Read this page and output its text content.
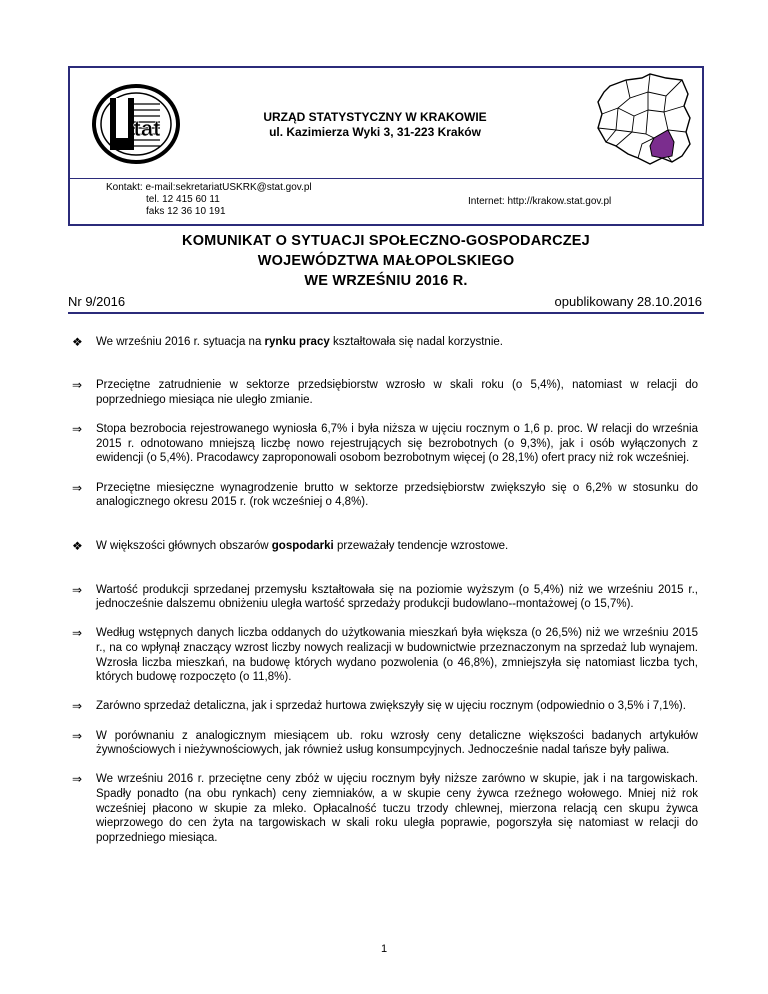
tat	URZĄD STATYSTYCZNY W KRAKOWIE
ul. Kazimierza Wyki 3, 31-223 Kraków
Kontakt: e-mail:sekretariatUSKRK@stat.gov.pl
tel. 12 415 60 11
faks 12 36 10 191
Internet: http://krakow.stat.gov.pl
KOMUNIKAT O SYTUACJI SPOŁECZNO-GOSPODARCZEJ
WOJEWÓDZTWA MAŁOPOLSKIEGO
WE WRZEŚNIU 2016 R.
Nr 9/2016	opublikowany 28.10.2016
❖ We wrześniu 2016 r. sytuacja na rynku pracy kształtowała się nadal korzystnie.
⇒ Przeciętne zatrudnienie w sektorze przedsiębiorstw wzrosło w skali roku (o 5,4%), natomiast w relacji do poprzedniego miesiąca nie uległo zmianie.
⇒ Stopa bezrobocia rejestrowanego wyniosła 6,7% i była niższa w ujęciu rocznym o 1,6 p. proc. W relacji do września 2015 r. odnotowano mniejszą liczbę nowo rejestrujących się bezrobotnych (o 9,3%), jak i osób wyłączonych z ewidencji (o 5,4%). Pracodawcy zaproponowali osobom bezrobotnym więcej (o 28,1%) ofert pracy niż rok wcześniej.
⇒ Przeciętne miesięczne wynagrodzenie brutto w sektorze przedsiębiorstw zwiększyło się o 6,2% w stosunku do analogicznego okresu 2015 r. (rok wcześniej o 4,8%).
❖ W większości głównych obszarów gospodarki przeważały tendencje wzrostowe.
⇒ Wartość produkcji sprzedanej przemysłu kształtowała się na poziomie wyższym (o 5,4%) niż we wrześniu 2015 r., jednocześnie dalszemu obniżeniu uległa wartość sprzedaży produkcji budowlano--montażowej (o 15,7%).
⇒ Według wstępnych danych liczba oddanych do użytkowania mieszkań była większa (o 26,5%) niż we wrześniu 2015 r., na co wpłynął znaczący wzrost liczby nowych realizacji w budownictwie przeznaczonym na sprzedaż lub wynajem. Wzrosła liczba mieszkań, na budowę których wydano pozwolenia (o 46,8%), zmniejszyła się natomiast liczba tych, których budowę rozpoczęto (o 11,8%).
⇒ Zarówno sprzedaż detaliczna, jak i sprzedaż hurtowa zwiększyły się w ujęciu rocznym (odpowiednio o 3,5% i 7,1%).
⇒ W porównaniu z analogicznym miesiącem ub. roku wzrosły ceny detaliczne większości badanych artykułów żywnościowych i nieżywnościowych, jak również usług konsumpcyjnych. Jednocześnie nadal tańsze były paliwa.
⇒ We wrześniu 2016 r. przeciętne ceny zbóż w ujęciu rocznym były niższe zarówno w skupie, jak i na targowiskach. Spadły ponadto (na obu rynkach) ceny ziemniaków, a w skupie ceny żywca rzeźnego wołowego. Mniej niż rok wcześniej płacono w skupie za mleko. Opłacalność tuczu trzody chlewnej, mierzona relacją cen skupu żywca wieprzowego do cen żyta na targowiskach w skali roku uległa poprawie, pogorszyła się natomiast w relacji do poprzedniego miesiąca.
1
